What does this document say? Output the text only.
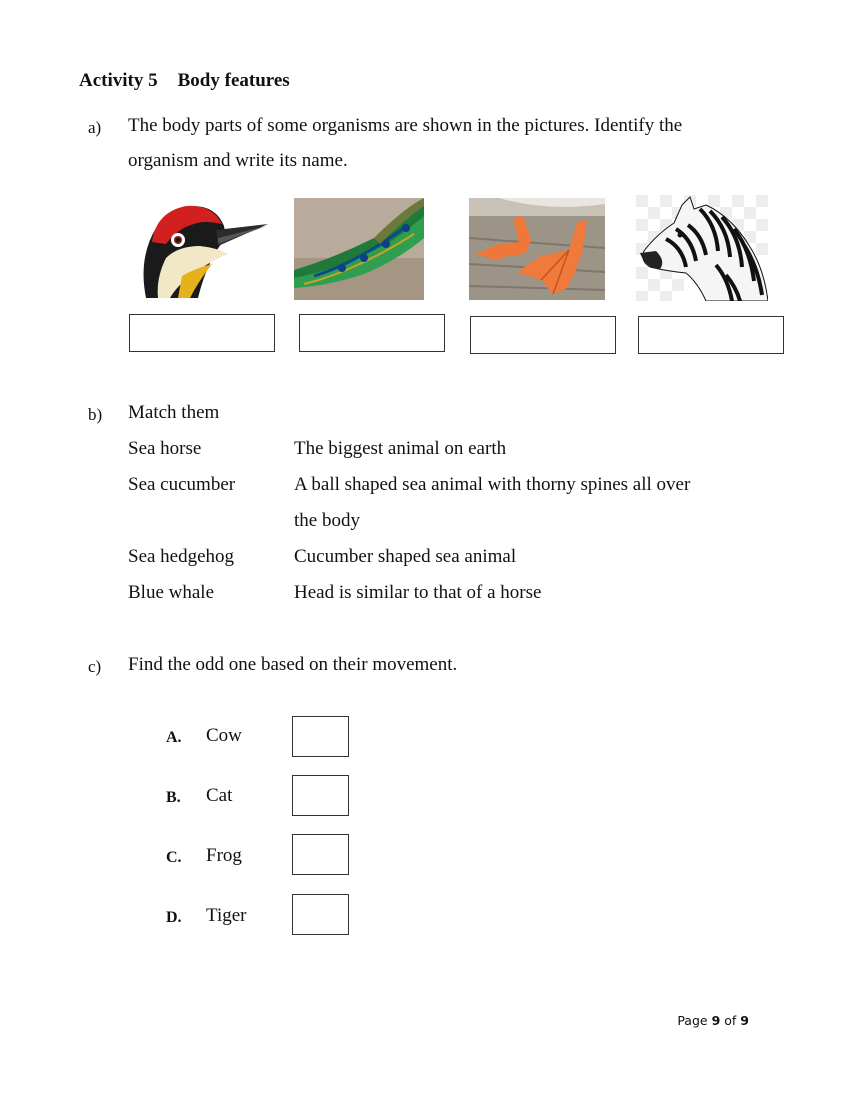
Activity 5 Body features
a) The body parts of some organisms are shown in the pictures. Identify the
organism and write its name.
b) Match them
Sea horse
Sea cucumber
Sea hedgehog
Blue whale
The biggest animal on earth
A ball shaped sea animal with thorny spines all over
the body
Cucumber shaped sea animal
Head is similar to that of a horse
c) Find the odd one based on their movement.
A. Cow
B. Cat
C. Frog
D. Tiger
Page 9 of 9
